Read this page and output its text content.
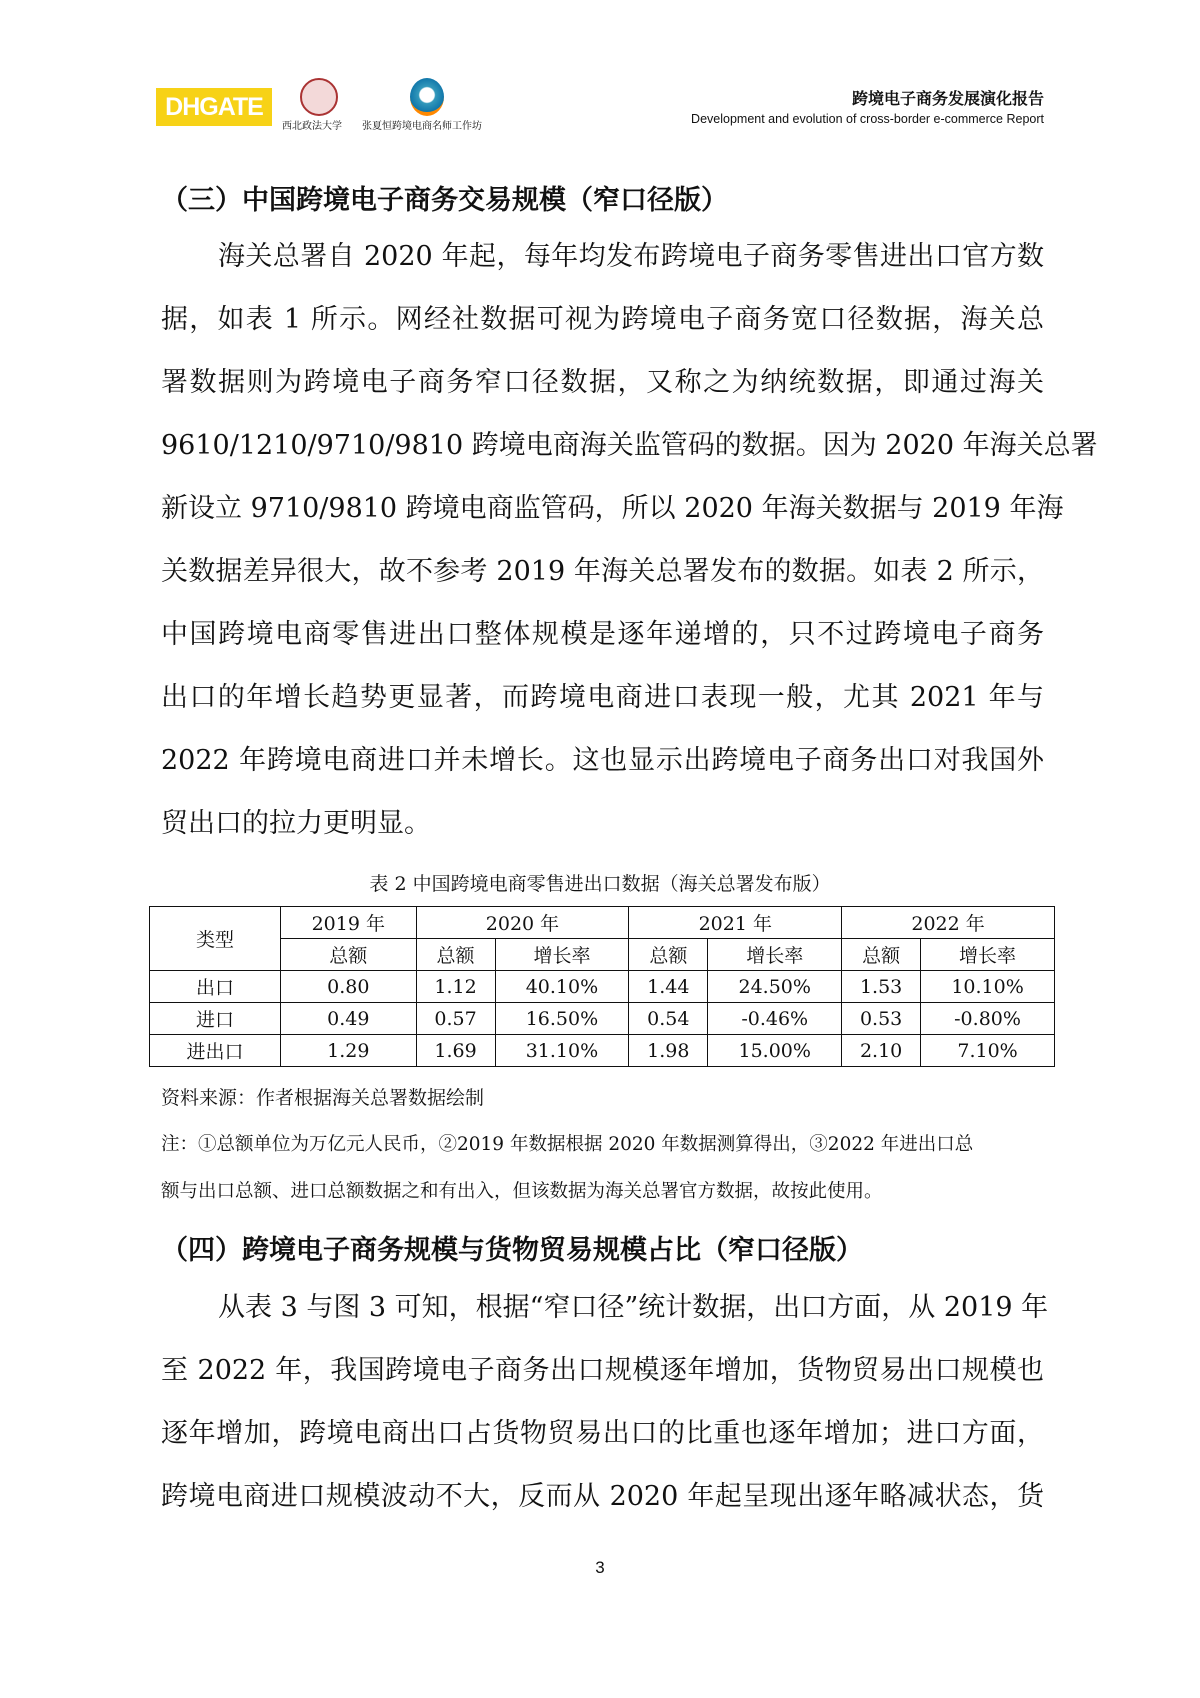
DHGATE
西北政法大学 张夏恒跨境电商名师工作坊
跨境电子商务发展演化报告
Development and evolution of cross-border e-commerce Report
（三）中国跨境电子商务交易规模（窄口径版）
海关总署自 2020 年起，每年均发布跨境电子商务零售进出口官方数
据，如表 1 所示。网经社数据可视为跨境电子商务宽口径数据，海关总
署数据则为跨境电子商务窄口径数据，又称之为纳统数据，即通过海关
9610/1210/9710/9810 跨境电商海关监管码的数据。因为 2020 年海关总署
新设立 9710/9810 跨境电商监管码，所以 2020 年海关数据与 2019 年海
关数据差异很大，故不参考 2019 年海关总署发布的数据。如表 2 所示，
中国跨境电商零售进出口整体规模是逐年递增的，只不过跨境电子商务
出口的年增长趋势更显著，而跨境电商进口表现一般，尤其 2021 年与
2022 年跨境电商进口并未增长。这也显示出跨境电子商务出口对我国外
贸出口的拉力更明显。
表 2 中国跨境电商零售进出口数据（海关总署发布版）
类型	2019 年	2020 年		2021 年		2022 年	
	总额	总额	增长率	总额	增长率	总额	增长率
出口	0.80	1.12	40.10%	1.44	24.50%	1.53	10.10%
进口	0.49	0.57	16.50%	0.54	-0.46%	0.53	-0.80%
进出口	1.29	1.69	31.10%	1.98	15.00%	2.10	7.10%
资料来源：作者根据海关总署数据绘制
注：①总额单位为万亿元人民币，②2019 年数据根据 2020 年数据测算得出，③2022 年进出口总
额与出口总额、进口总额数据之和有出入，但该数据为海关总署官方数据，故按此使用。
（四）跨境电子商务规模与货物贸易规模占比（窄口径版）
从表 3 与图 3 可知，根据“窄口径”统计数据，出口方面，从 2019 年
至 2022 年，我国跨境电子商务出口规模逐年增加，货物贸易出口规模也
逐年增加，跨境电商出口占货物贸易出口的比重也逐年增加；进口方面，
跨境电商进口规模波动不大，反而从 2020 年起呈现出逐年略减状态，货
3
